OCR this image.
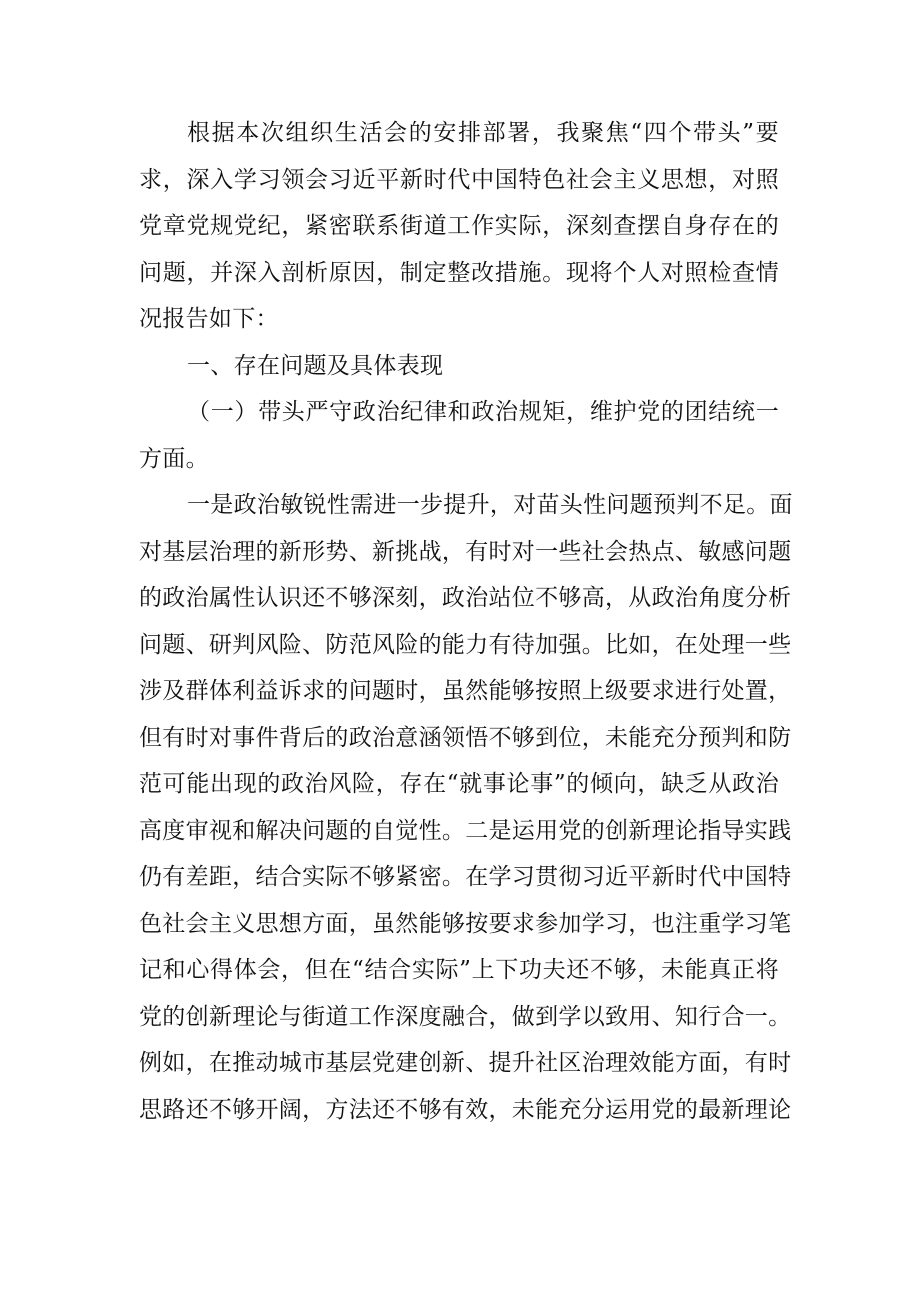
根据本次组织生活会的安排部署，我聚焦“四个带头”要
求，深入学习领会习近平新时代中国特色社会主义思想，对照
党章党规党纪，紧密联系街道工作实际，深刻查摆自身存在的
问题，并深入剖析原因，制定整改措施。现将个人对照检查情
况报告如下：
一、存在问题及具体表现
（一）带头严守政治纪律和政治规矩，维护党的团结统一
方面。
一是政治敏锐性需进一步提升，对苗头性问题预判不足。面
对基层治理的新形势、新挑战，有时对一些社会热点、敏感问题
的政治属性认识还不够深刻，政治站位不够高，从政治角度分析
问题、研判风险、防范风险的能力有待加强。比如，在处理一些
涉及群体利益诉求的问题时，虽然能够按照上级要求进行处置，
但有时对事件背后的政治意涵领悟不够到位，未能充分预判和防
范可能出现的政治风险，存在“就事论事”的倾向，缺乏从政治
高度审视和解决问题的自觉性。二是运用党的创新理论指导实践
仍有差距，结合实际不够紧密。在学习贯彻习近平新时代中国特
色社会主义思想方面，虽然能够按要求参加学习，也注重学习笔
记和心得体会，但在“结合实际”上下功夫还不够，未能真正将
党的创新理论与街道工作深度融合，做到学以致用、知行合一。
例如，在推动城市基层党建创新、提升社区治理效能方面，有时
思路还不够开阔，方法还不够有效，未能充分运用党的最新理论
